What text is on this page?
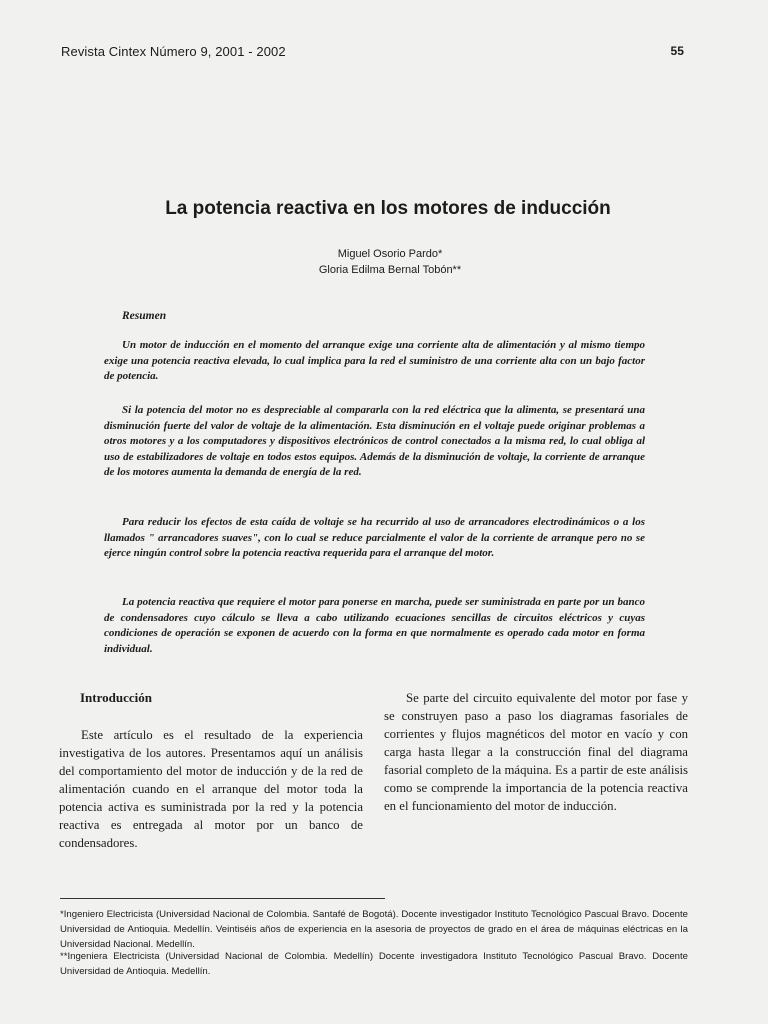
Revista Cintex Número 9, 2001 - 2002	55
La potencia reactiva en los motores de inducción
Miguel Osorio Pardo*
Gloria Edilma Bernal Tobón**
Resumen

Un motor de inducción en el momento del arranque exige una corriente alta de alimentación y al mismo tiempo exige una potencia reactiva elevada, lo cual implica para la red el suministro de una corriente alta con un bajo factor de potencia.

Si la potencia del motor no es despreciable al compararla con la red eléctrica que la alimenta, se presentará una disminución fuerte del valor de voltaje de la alimentación. Esta disminución en el voltaje puede originar problemas a otros motores y a los computadores y dispositivos electrónicos de control conectados a la misma red, lo cual obliga al uso de estabilizadores de voltaje en todos estos equipos. Además de la disminución de voltaje, la corriente de arranque de los motores aumenta la demanda de energía de la red.

Para reducir los efectos de esta caída de voltaje se ha recurrido al uso de arrancadores electrodinámicos o a los llamados " arrancadores suaves", con lo cual se reduce parcialmente el valor de la corriente de arranque pero no se ejerce ningún control sobre la potencia reactiva requerida para el arranque del motor.

La potencia reactiva que requiere el motor para ponerse en marcha, puede ser suministrada en parte por un banco de condensadores cuyo cálculo se lleva a cabo utilizando ecuaciones sencillas de circuitos eléctricos y cuyas condiciones de operación se exponen de acuerdo con la forma en que normalmente es operado cada motor en forma individual.

Introducción

Este artículo es el resultado de la experiencia investigativa de los autores. Presentamos aquí un análisis del comportamiento del motor de inducción y de la red de alimentación cuando en el arranque del motor toda la potencia activa es suministrada por la red y la potencia reactiva es entregada al motor por un banco de condensadores.

Se parte del circuito equivalente del motor por fase y se construyen paso a paso los diagramas fasoriales de corrientes y flujos magnéticos del motor en vacío y con carga hasta llegar a la construcción final del diagrama fasorial completo de la máquina. Es a partir de este análisis como se comprende la importancia de la potencia reactiva en el funcionamiento del motor de inducción.

*Ingeniero Electricista (Universidad Nacional de Colombia. Santafé de Bogotá). Docente investigador Instituto Tecnológico Pascual Bravo. Docente Universidad de Antioquia. Medellín. Veintiséis años de experiencia en la asesoria de proyectos de grado en el área de máquinas eléctricas en la Universidad Nacional. Medellín.

**Ingeniera Electricista (Universidad Nacional de Colombia. Medellín) Docente investigadora Instituto Tecnológico Pascual Bravo. Docente Universidad de Antioquia. Medellín.
